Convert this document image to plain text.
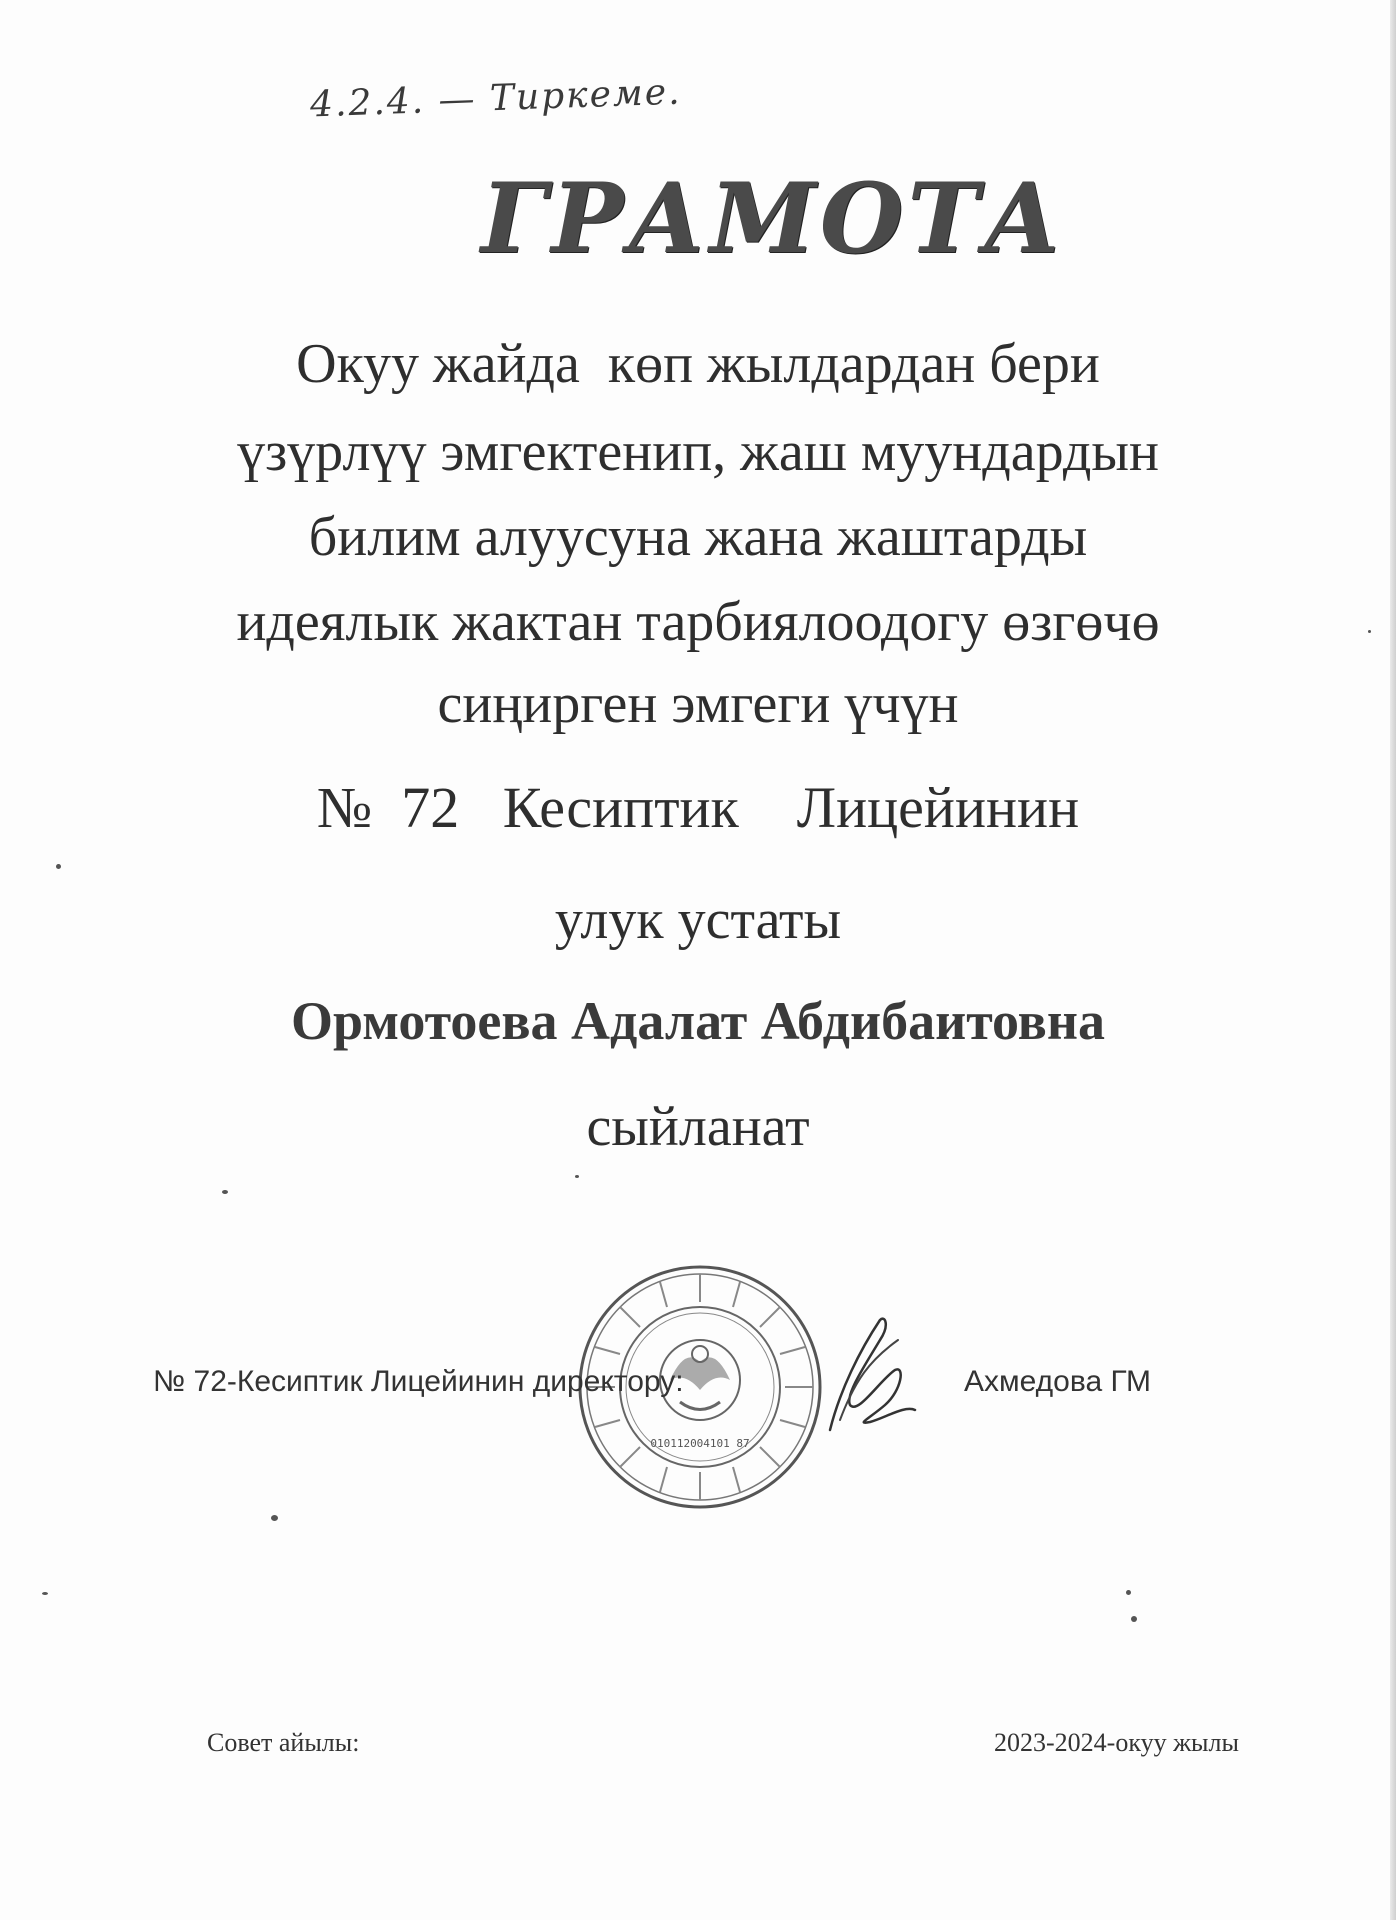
4.2.4. — Тиркеме.
ГРАМОТА
Окуу жайда  көп жылдардан бери
үзүрлүү эмгектенип, жаш муундардын
билим алуусуна жана жаштарды
идеялык жактан тарбиялоодогу өзгөчө
сиңирген эмгеги үчүн
№  72   Кесиптик    Лицейинин
улук устаты
Ормотоева Адалат Абдибаитовна
сыйланат
010112004101 87
№ 72-Кесиптик Лицейинин директору:	Ахмедова ГМ
Совет айылы:	2023-2024-окуу жылы
